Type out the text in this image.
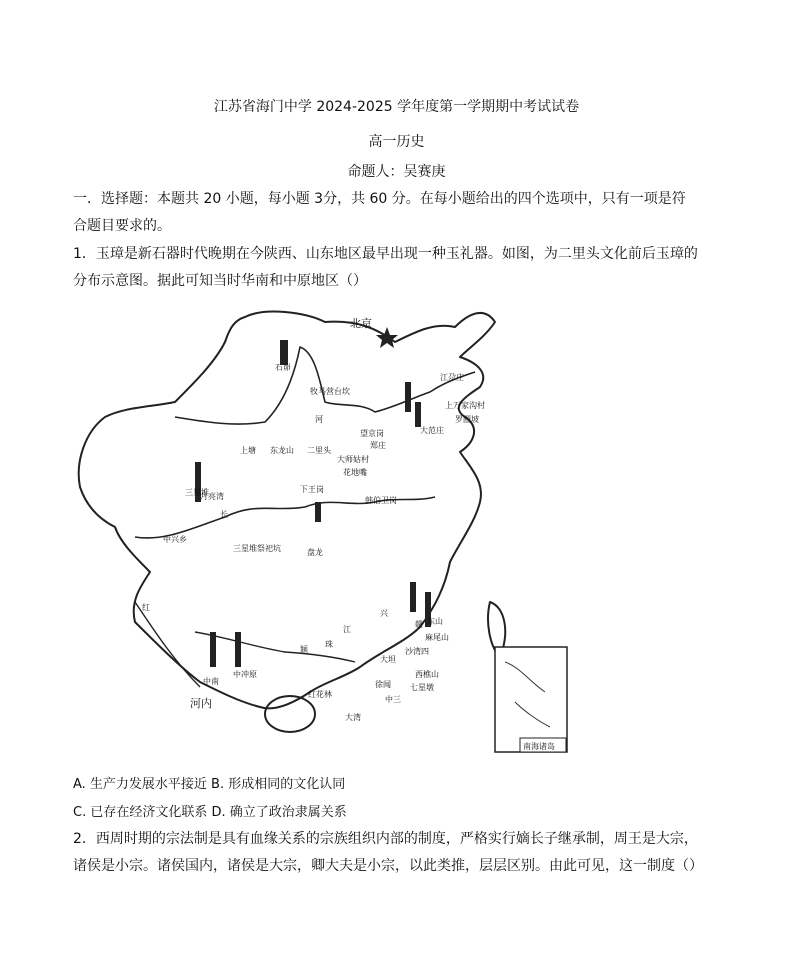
江苏省海门中学 2024-2025 学年度第一学期期中考试试卷
高一历史
命题人：吴赛庚
一．选择题：本题共 20 小题，每小题 3分，共 60 分。在每小题给出的四个选项中，只有一项是符
合题目要求的。
1．玉璋是新石器时代晚期在今陕西、山东地区最早出现一种玉礼器。如图，为二里头文化前后玉璋的
分布示意图。据此可知当时华南和中原地区（）
北京
石峁
牧马营台坎
江尕庄
上万家沟村
罗圈坡
大范庄
上塘 东龙山 二里头
望京岗
郑庄
大师姑村
花地嘴
下王岗
韩伯卫岗
月亮湾
三星堆
中兴乡
三星堆祭祀坑	盘龙
江
河
长
红
兴
赣
珠
颖
东山
麻尾山
沙湾四
中冲原
大坦
徐闻
西樵山
红花林
河内
中南
大湾
七星墩
中三
南海诸岛
A. 生产力发展水平接近 B. 形成相同的文化认同
C. 已存在经济文化联系 D. 确立了政治隶属关系
2．西周时期的宗法制是具有血缘关系的宗族组织内部的制度，严格实行嫡长子继承制，周王是大宗，
诸侯是小宗。诸侯国内，诸侯是大宗，卿大夫是小宗，以此类推，层层区别。由此可见，这一制度（）
